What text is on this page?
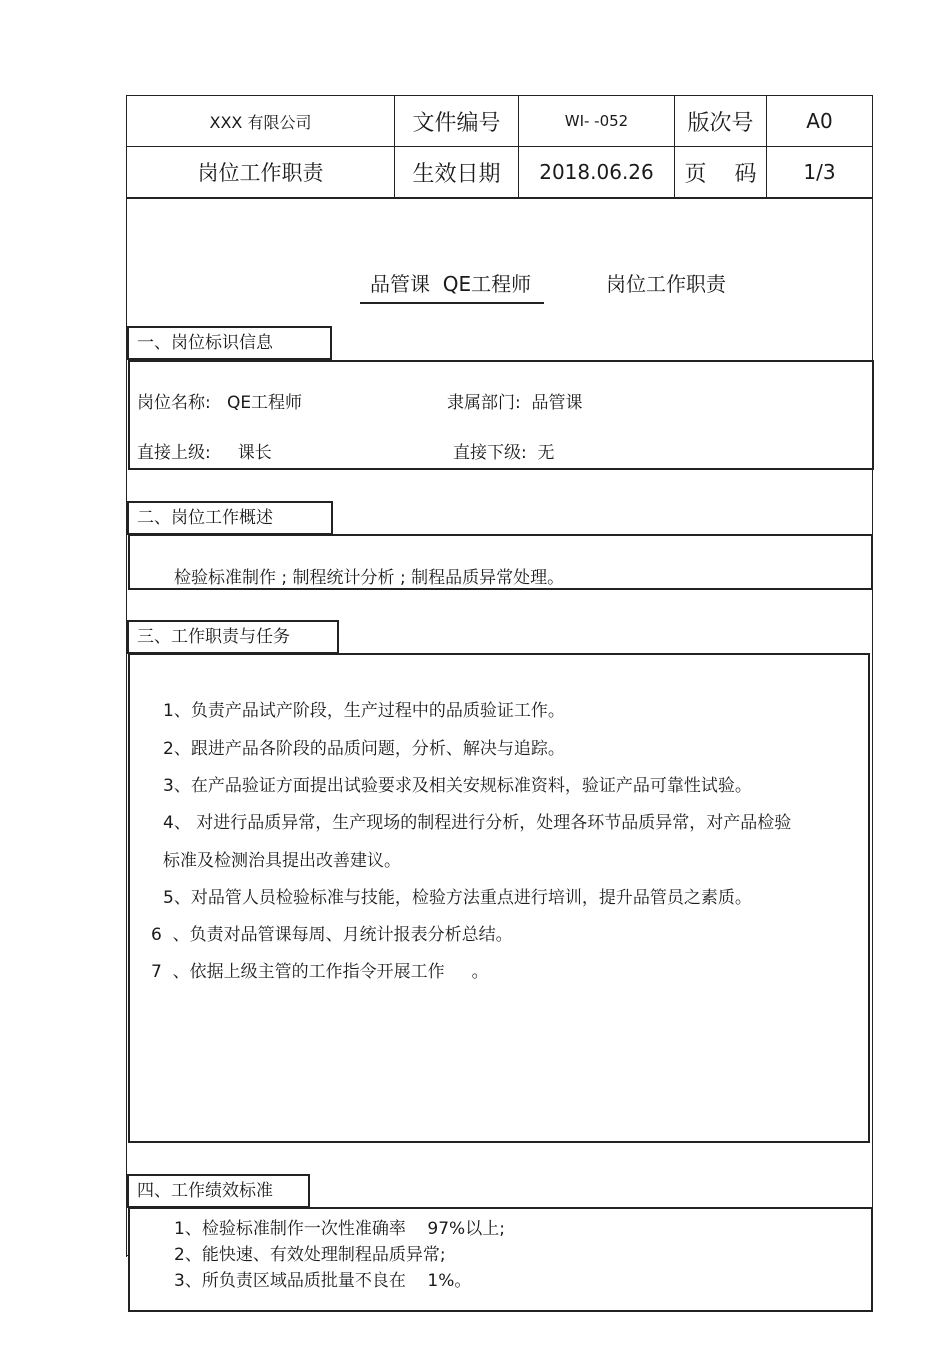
XXX 有限公司	文件编号	WI- -052	版次号	A0
岗位工作职责	生效日期	2018.06.26	页    码	1/3
品管课  QE工程师	岗位工作职责
一、岗位标识信息
岗位名称:   QE工程师	隶属部门:  品管课
直接上级:     课长	直接下级:  无
二、岗位工作概述
检验标准制作 ; 制程统计分析 ; 制程品质异常处理。
三、工作职责与任务
1、负责产品试产阶段，生产过程中的品质验证工作。
2、跟进产品各阶段的品质问题，分析、解决与追踪。
3、在产品验证方面提出试验要求及相关安规标准资料，验证产品可靠性试验。
4、 对进行品质异常，生产现场的制程进行分析，处理各环节品质异常，对产品检验
标准及检测治具提出改善建议。
5、对品管人员检验标准与技能，检验方法重点进行培训，提升品管员之素质。
6  、负责对品管课每周、月统计报表分析总结。
7  、依据上级主管的工作指令开展工作     。
四、工作绩效标准
1、检验标准制作一次性准确率    97%以上;
2、能快速、有效处理制程品质异常;
3、所负责区域品质批量不良在    1%。
